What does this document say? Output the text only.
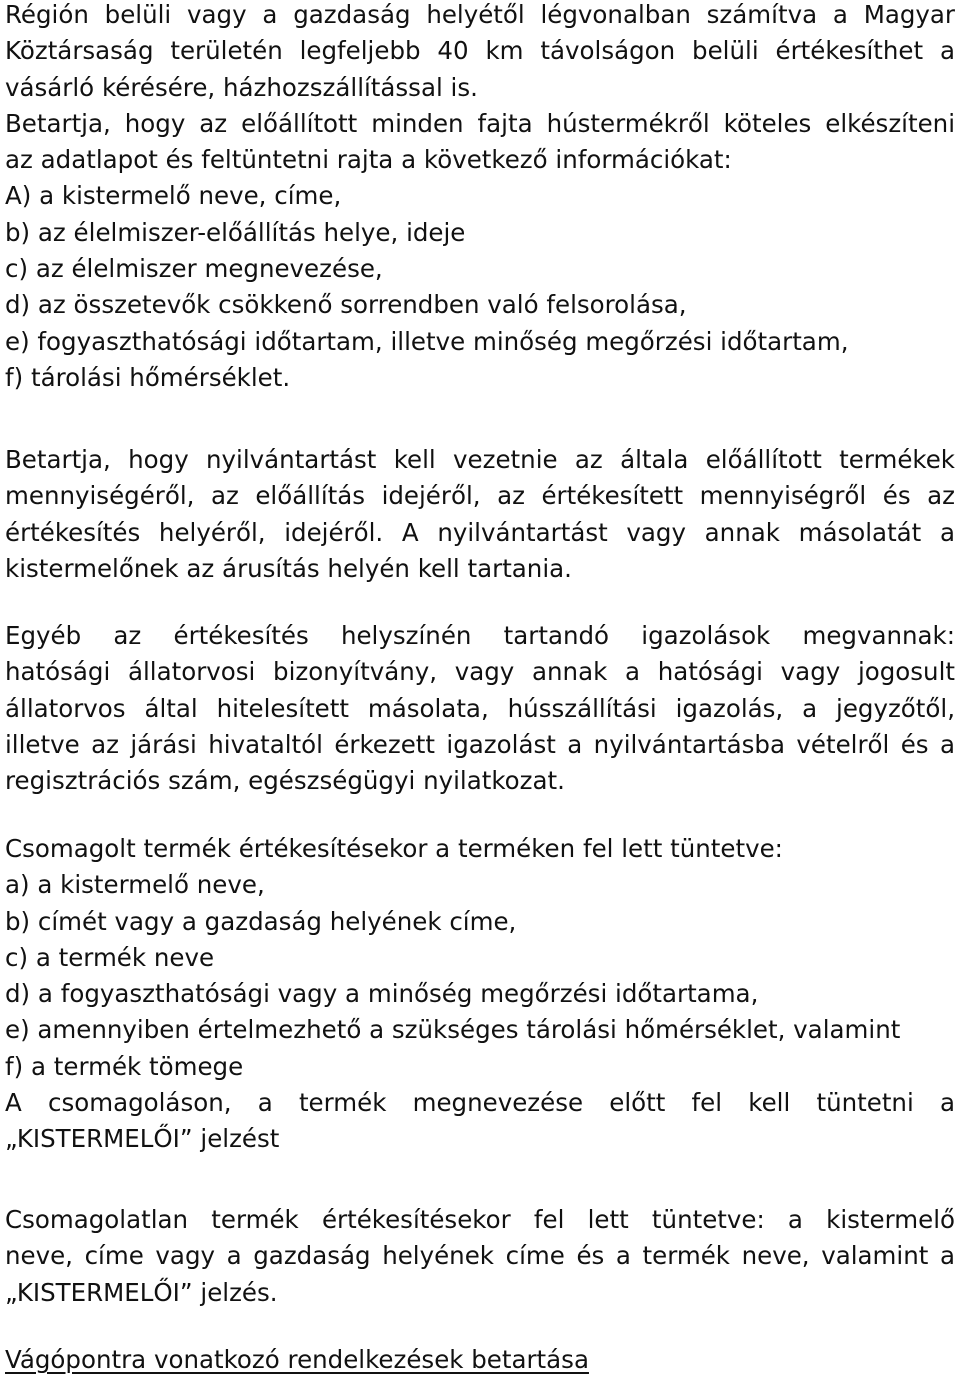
Régión belüli vagy a gazdaság helyétől légvonalban számítva a Magyar
Köztársaság területén legfeljebb 40 km távolságon belüli értékesíthet a
vásárló kérésére, házhozszállítással is.
Betartja, hogy az előállított minden fajta hústermékről köteles elkészíteni
az adatlapot és feltüntetni rajta a következő információkat:
A) a kistermelő neve, címe,
b) az élelmiszer-előállítás helye, ideje
c) az élelmiszer megnevezése,
d) az összetevők csökkenő sorrendben való felsorolása,
e) fogyaszthatósági időtartam, illetve minőség megőrzési időtartam,
f) tárolási hőmérséklet.
Betartja, hogy nyilvántartást kell vezetnie az általa előállított termékek
mennyiségéről, az előállítás idejéről, az értékesített mennyiségről és az
értékesítés helyéről, idejéről. A nyilvántartást vagy annak másolatát a
kistermelőnek az árusítás helyén kell tartania.
Egyéb az értékesítés helyszínén tartandó igazolások megvannak:
hatósági állatorvosi bizonyítvány, vagy annak a hatósági vagy jogosult
állatorvos által hitelesített másolata, hússzállítási igazolás, a jegyzőtől,
illetve az járási hivataltól érkezett igazolást a nyilvántartásba vételről és a
regisztrációs szám, egészségügyi nyilatkozat.
Csomagolt termék értékesítésekor a terméken fel lett tüntetve:
a) a kistermelő neve,
b) címét vagy a gazdaság helyének címe,
c) a termék neve
d) a fogyaszthatósági vagy a minőség megőrzési időtartama,
e) amennyiben értelmezhető a szükséges tárolási hőmérséklet, valamint
f) a termék tömege
A csomagoláson, a termék megnevezése előtt fel kell tüntetni a
„KISTERMELŐI” jelzést
Csomagolatlan termék értékesítésekor fel lett tüntetve: a kistermelő
neve, címe vagy a gazdaság helyének címe és a termék neve, valamint a
„KISTERMELŐI” jelzés.
Vágópontra vonatkozó rendelkezések betartása
